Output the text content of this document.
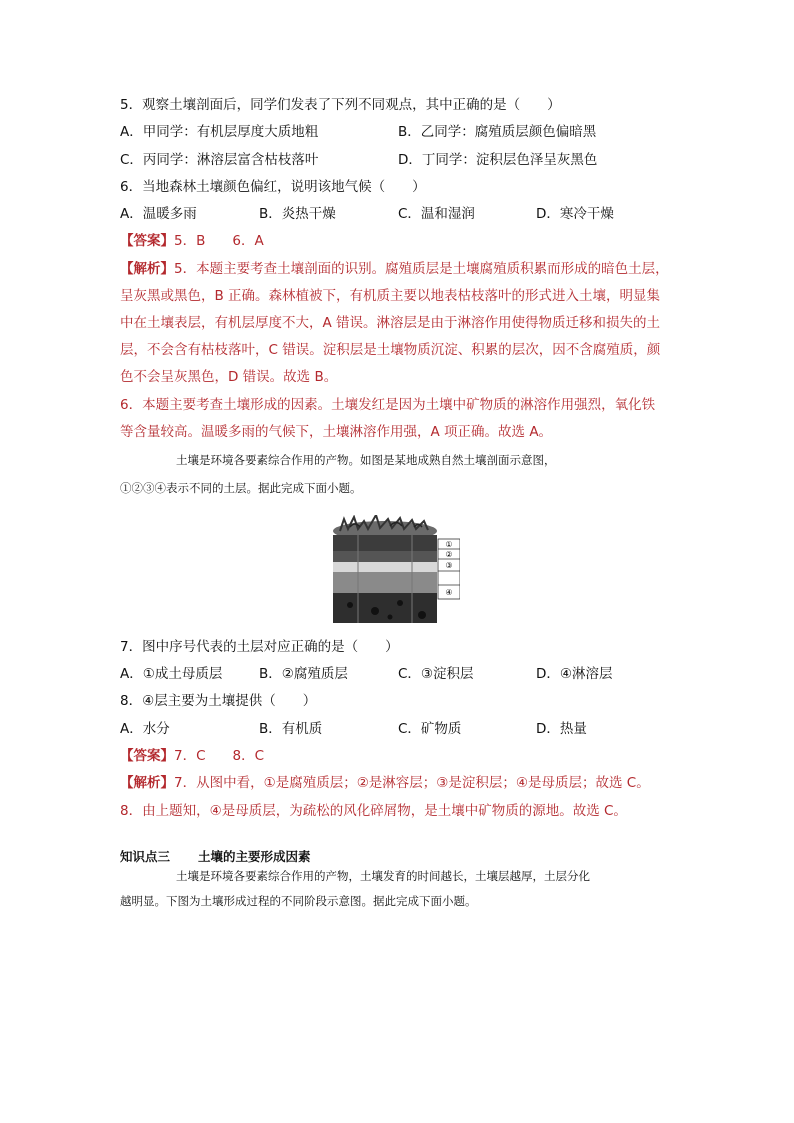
5．观察土壤剖面后，同学们发表了下列不同观点，其中正确的是（　　）
A．甲同学：有机层厚度大质地粗	B．乙同学：腐殖质层颜色偏暗黑
C．丙同学：淋溶层富含枯枝落叶	D．丁同学：淀积层色泽呈灰黑色
6．当地森林土壤颜色偏红，说明该地气候（　　）
A．温暖多雨	B．炎热干燥	C．温和湿润	D．寒冷干燥
【答案】5．B　　6．A
【解析】5．本题主要考查土壤剖面的识别。腐殖质层是土壤腐殖质积累而形成的暗色土层，
呈灰黑或黑色，B 正确。森林植被下，有机质主要以地表枯枝落叶的形式进入土壤，明显集
中在土壤表层，有机层厚度不大，A 错误。淋溶层是由于淋溶作用使得物质迁移和损失的土
层，不会含有枯枝落叶，C 错误。淀积层是土壤物质沉淀、积累的层次，因不含腐殖质，颜
色不会呈灰黑色，D 错误。故选 B。
6．本题主要考查土壤形成的因素。土壤发红是因为土壤中矿物质的淋溶作用强烈，氧化铁
等含量较高。温暖多雨的气候下，土壤淋溶作用强，A 项正确。故选 A。
土壤是环境各要素综合作用的产物。如图是某地成熟自然土壤剖面示意图，
①②③④表示不同的土层。据此完成下面小题。
①
②
③
④
7．图中序号代表的土层对应正确的是（　　）
A．①成土母质层	B．②腐殖质层	C．③淀积层	D．④淋溶层
8．④层主要为土壤提供（　　）
A．水分	B．有机质	C．矿物质	D．热量
【答案】7．C　　8．C
【解析】7．从图中看，①是腐殖质层；②是淋容层；③是淀积层；④是母质层；故选 C。
8．由上题知，④是母质层，为疏松的风化碎屑物，是土壤中矿物质的源地。故选 C。
知识点三 土壤的主要形成因素
土壤是环境各要素综合作用的产物，土壤发育的时间越长，土壤层越厚，土层分化
越明显。下图为土壤形成过程的不同阶段示意图。据此完成下面小题。
